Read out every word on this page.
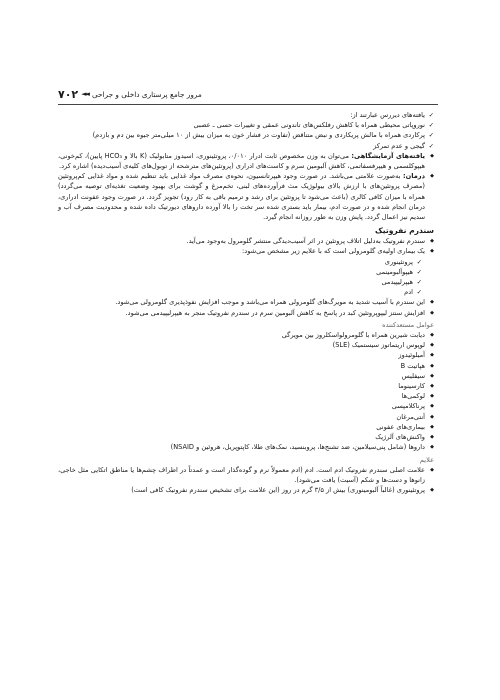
۷۰۲ ◄◄ مرور جامع پرستاری داخلی و جراحی
✓ یافته‌های دیررس عبارتند از:
✓ نوروپاتی محیطی همراه با کاهش رفلکس‌های تاندونی عمقی و تغییرات حسی ـ عصبی
✓ پرکاردی همراه با مالش پریکاردی و نبض متناقض (تفاوت در فشار خون به میزان بیش از ۱۰ میلی‌متر جیوه بین دم و بازدم)
✓ گیجی و عدم تمرکز
◆ یافته‌های آزمایشگاهی: می‌توان به وزن مخصوص ثابت ادرار ۰/۰۱۰، پروتئینوری، اسیدوز متابولیک (K بالا و HCO₃ پایین)، کم‌خونی، هیپوکلسمی و هیپرفسفاتمی، کاهش آلبومین سرم و کاست‌های ادراری (پروتئین‌های مترشحه از توبول‌های کلیه‌ی آسیب‌دیده) اشاره کرد.
◆ درمان: به‌صورت علامتی می‌باشد. در صورت وجود هیپرتانسیون، نحوه‌ی مصرف مواد غذایی باید تنظیم شده و مواد غذایی کم‌پروتئین (مصرف پروتئین‌های با ارزش بالای بیولوژیک مث فرآورده‌های لبنی، تخم‌مرغ و گوشت برای بهبود وضعیت تغذیه‌ای توصیه می‌گردد) همراه با میزان کافی کالری (باعث می‌شود تا پروتئین برای رشد و ترمیم باقی به کار رود) تجویز گردد. در صورت وجود عفونت ادراری، درمان انجام شده و در صورت ادم، بیمار باید بستری شده سر تخت را بالا آورده داروهای دیورتیک داده شده و محدودیت مصرف آب و سدیم نیز اعمال گردد. پایش وزن به طور روزانه انجام گیرد.
سندرم نفروتیک
◆ سندرم نفروتیک به‌دلیل اتلاف پروتئین در اثر آسیب‌دیدگی منتشر گلومرول به‌وجود می‌آید.
◆ یک بیماری اولیه‌ی گلومرولی است که با علایم زیر مشخص می‌شود:
✓ پروتئینوری
✓ هیپوآلبومینمی
✓ هیپرلیپیدمی
✓ ادم
◆ این سندرم با آسیب شدید به مویرگ‌های گلومرولی همراه می‌باشد و موجب افزایش نفوذپذیری گلومرولی می‌شود.
◆ افزایش سنتز لیپوپروتئین کبد در پاسخ به کاهش آلبومین سرم در سندرم نفروتیک منجر به هیپرلیپیدمی می‌شود.
عوامل مستعدکننده
◆ دیابت شیرین همراه با گلومرولواسکلروز بین مویرگی
◆ لوپوس اریتماتوز سیستمیک (SLE)
◆ آمیلوئیدوز
◆ هپاتیت B
◆ سیفلیس
◆ کارسینوما
◆ لوکمی‌ها
◆ پرناکلامپسی
◆ آنتی‌مرغان
◆ بیماری‌های عفونی
◆ واکنش‌های آلرژیک
◆ داروها (شامل پنی‌سیلامین، ضد تشنج‌ها، پروبنسید، نمک‌های طلا، کاپتوپریل، هروئین و NSAID)
علایم
◆ علامت اصلی سندرم نفروتیک ادم است. ادم (ادم معمولاً نرم و گوده‌گذار است و عمدتاً در اطراف چشم‌ها یا مناطق اتکایی مثل خاجی، زانوها و دست‌ها و شکم (آسیت) یافت می‌شود).
◆ پروتئینوری (غالباً آلبومینوری) بیش از ۳/۵ گرم در روز (این علامت برای تشخیص سندرم نفروتیک کافی است)
